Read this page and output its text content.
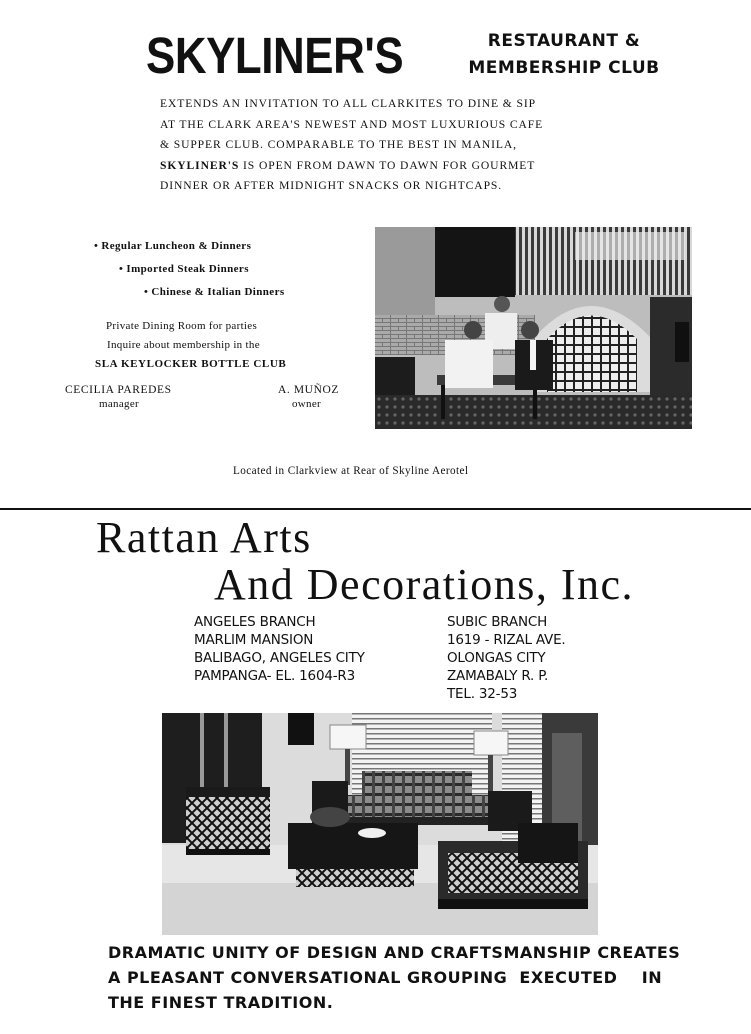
SKYLINER'S	RESTAURANT &
MEMBERSHIP CLUB

EXTENDS AN INVITATION TO ALL CLARKITES TO DINE & SIP

AT THE CLARK AREA'S NEWEST AND MOST LUXURIOUS CAFE

& SUPPER CLUB. COMPARABLE TO THE BEST IN MANILA,

SKYLINER'S IS OPEN FROM DAWN TO DAWN FOR GOURMET

DINNER OR AFTER MIDNIGHT SNACKS OR NIGHTCAPS.

• Regular Luncheon & Dinners
• Imported Steak Dinners
• Chinese & Italian Dinners
Private Dining Room for parties
Inquire about membership in the
SLA KEYLOCKER BOTTLE CLUB
CECILIA PAREDES
manager
A. MUÑOZ
owner
Located in Clarkview at Rear of Skyline Aerotel
Rattan Arts
And Decorations, Inc.
ANGELES BRANCH
MARLIM MANSION
BALIBAGO, ANGELES CITY
PAMPANGA- EL. 1604-R3
SUBIC BRANCH
1619 - RIZAL AVE.
OLONGAS CITY
ZAMABALY R. P.
TEL. 32-53
DRAMATIC UNITY OF DESIGN AND CRAFTSMANSHIP CREATES
A PLEASANT CONVERSATIONAL GROUPING  EXECUTED    IN
THE FINEST TRADITION.
